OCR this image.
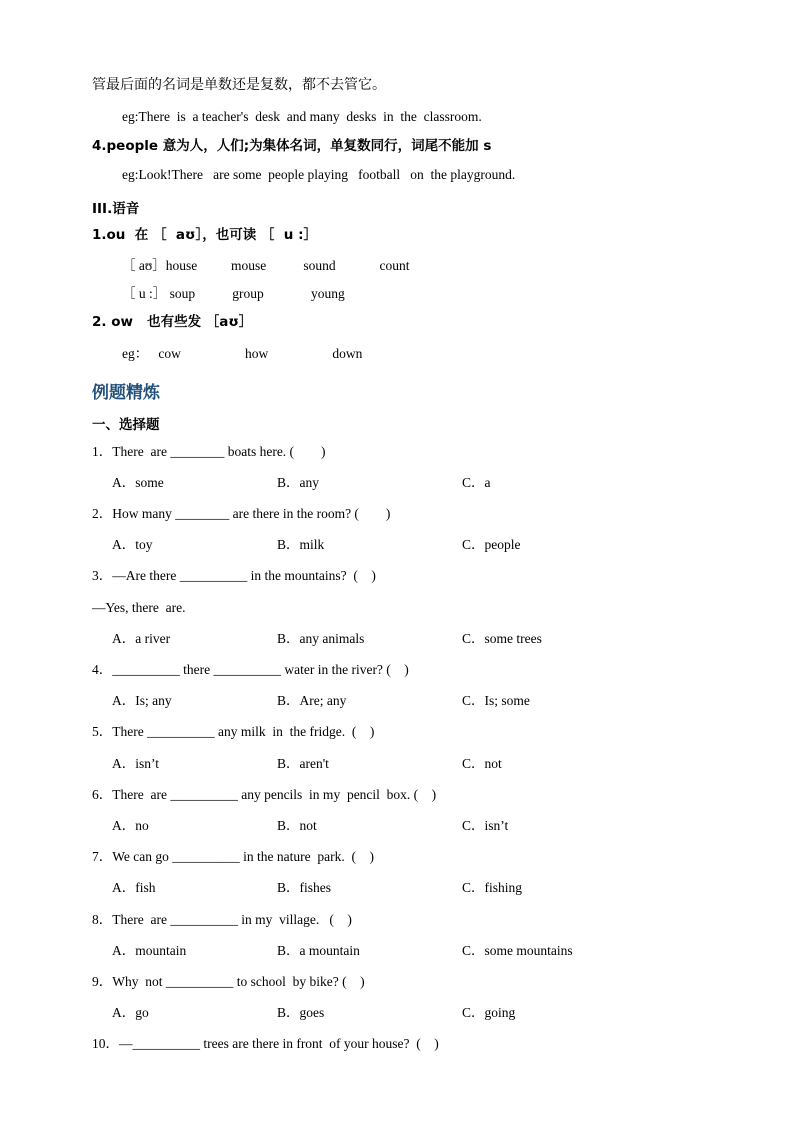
管最后面的名词是单数还是复数，都不去管它。
eg:There  is  a teacher's  desk  and many  desks  in  the  classroom.
4.people 意为人，人们;为集体名词，单复数同行，词尾不能加 s
eg:Look!There   are some  people playing   football   on  the playground.
III.语音
1.ou  在 ［  aʊ］，也可读 ［  u :］
［ aʊ］house          mouse           sound             count
［ u :］ soup           group              young
2. ow   也有些发 ［aʊ］
eg：   cow                   how                   down
例题精炼
一、选择题
1．There  are ________ boats here. (        )
A．some	B．any	C．a
2．How many ________ are there in the room? (        )
A．toy	B．milk	C．people
3．—Are there __________ in the mountains?  (    )
—Yes, there  are.
A．a river	B．any animals	C．some trees
4．__________ there __________ water in the river? (    )
A．Is; any	B．Are; any	C．Is; some
5．There __________ any milk  in  the fridge.  (    )
A．isn’t	B．aren't	C．not
6．There  are __________ any pencils  in my  pencil  box. (    )
A．no	B．not	C．isn’t
7．We can go __________ in the nature  park.  (    )
A．fish	B．fishes	C．fishing
8．There  are __________ in my  village.   (    )
A．mountain	B．a mountain	C．some mountains
9．Why  not __________ to school  by bike? (    )
A．go	B．goes	C．going
10．—__________ trees are there in front  of your house?  (    )
